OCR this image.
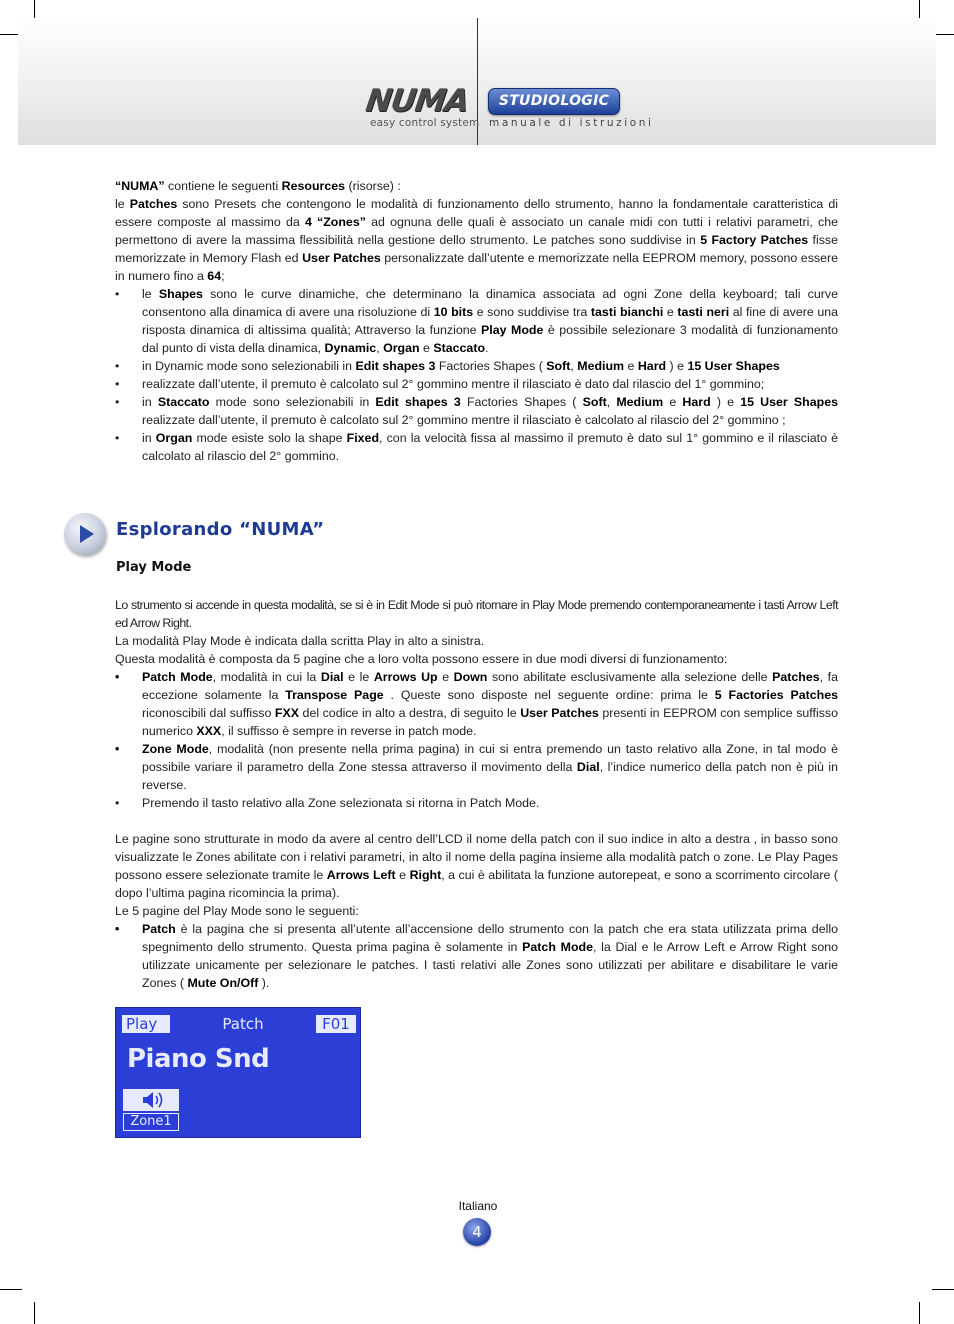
NUMA
easy control system
STUDIOLOGIC
manuale di istruzioni

“NUMA” contiene le seguenti Resources (risorse) :

le Patches sono Presets che contengono le modalità di funzionamento dello strumento, hanno la fondamentale caratteristica di essere composte al massimo da 4 “Zones” ad ognuna delle quali è associato un canale midi con tutti i relativi parametri, che permettono di avere la massima flessibilità nella gestione dello strumento. Le patches sono suddivise in 5 Factory Patches fisse memorizzate in Memory Flash ed User Patches personalizzate dall’utente e memorizzate nella EEPROM memory, possono essere in numero fino a 64;

•	le Shapes sono le curve dinamiche, che determinano la dinamica associata ad ogni Zone della keyboard; tali curve consentono alla dinamica di avere una risoluzione di 10 bits e sono suddivise tra tasti bianchi e tasti neri al fine di avere una risposta dinamica di altissima qualità; Attraverso la funzione Play Mode è possibile selezionare 3 modalità di funzionamento dal punto di vista della dinamica, Dynamic, Organ e Staccato.
•	in Dynamic mode sono selezionabili in Edit shapes 3 Factories Shapes ( Soft, Medium e Hard ) e 15 User Shapes
•	realizzate dall’utente, il premuto è calcolato sul 2° gommino mentre il rilasciato è dato dal rilascio del 1° gommino;
•	in Staccato mode sono selezionabili in Edit shapes 3 Factories Shapes ( Soft, Medium e Hard ) e 15 User Shapes realizzate dall’utente, il premuto è calcolato sul 2° gommino mentre il rilasciato è calcolato al rilascio del 2° gommino ;
•	in Organ mode esiste solo la shape Fixed, con la velocità fissa al massimo il premuto è dato sul 1° gommino e il rilasciato è calcolato al rilascio del 2° gommino.
Esplorando “NUMA”
Play Mode

Lo strumento si accende in questa modalità, se si è in Edit Mode si può ritornare in Play Mode premendo contemporaneamente i tasti Arrow Left ed Arrow Right.

La modalità Play Mode è indicata dalla scritta Play in alto a sinistra.

Questa modalità è composta da 5 pagine che a loro volta possono essere in due modi diversi di funzionamento:

•	Patch Mode, modalità in cui la Dial e le Arrows Up e Down sono abilitate esclusivamente alla selezione delle Patches, fa eccezione solamente la Transpose Page . Queste sono disposte nel seguente ordine: prima le 5 Factories Patches riconoscibili dal suffisso FXX del codice in alto a destra, di seguito le User Patches presenti in EEPROM con semplice suffisso numerico XXX, il suffisso è sempre in reverse in patch mode.
•	Zone Mode, modalità (non presente nella prima pagina) in cui si entra premendo un tasto relativo alla Zone, in tal modo è possibile variare il parametro della Zone stessa attraverso il movimento della Dial, l’indice numerico della patch non è più in reverse.
•	Premendo il tasto relativo alla Zone selezionata si ritorna in Patch Mode.

Le pagine sono strutturate in modo da avere al centro dell’LCD il nome della patch con il suo indice in alto a destra , in basso sono visualizzate le Zones abilitate con i relativi parametri, in alto il nome della pagina insieme alla modalità patch o zone. Le Play Pages possono essere selezionate tramite le Arrows Left e Right, a cui è abilitata la funzione autorepeat, e sono a scorrimento circolare ( dopo l’ultima pagina ricomincia la prima).

Le 5 pagine del Play Mode sono le seguenti:

•	Patch è la pagina che si presenta all’utente all’accensione dello strumento con la patch che era stata utilizzata prima dello spegnimento dello strumento. Questa prima pagina è solamente in Patch Mode, la Dial e le Arrow Left e Arrow Right sono utilizzate unicamente per selezionare le patches. I tasti relativi alle Zones sono utilizzati per abilitare e disabilitare le varie Zones ( Mute On/Off ).
Play	Patch	F01
Piano Snd
Zone1
Italiano
4
